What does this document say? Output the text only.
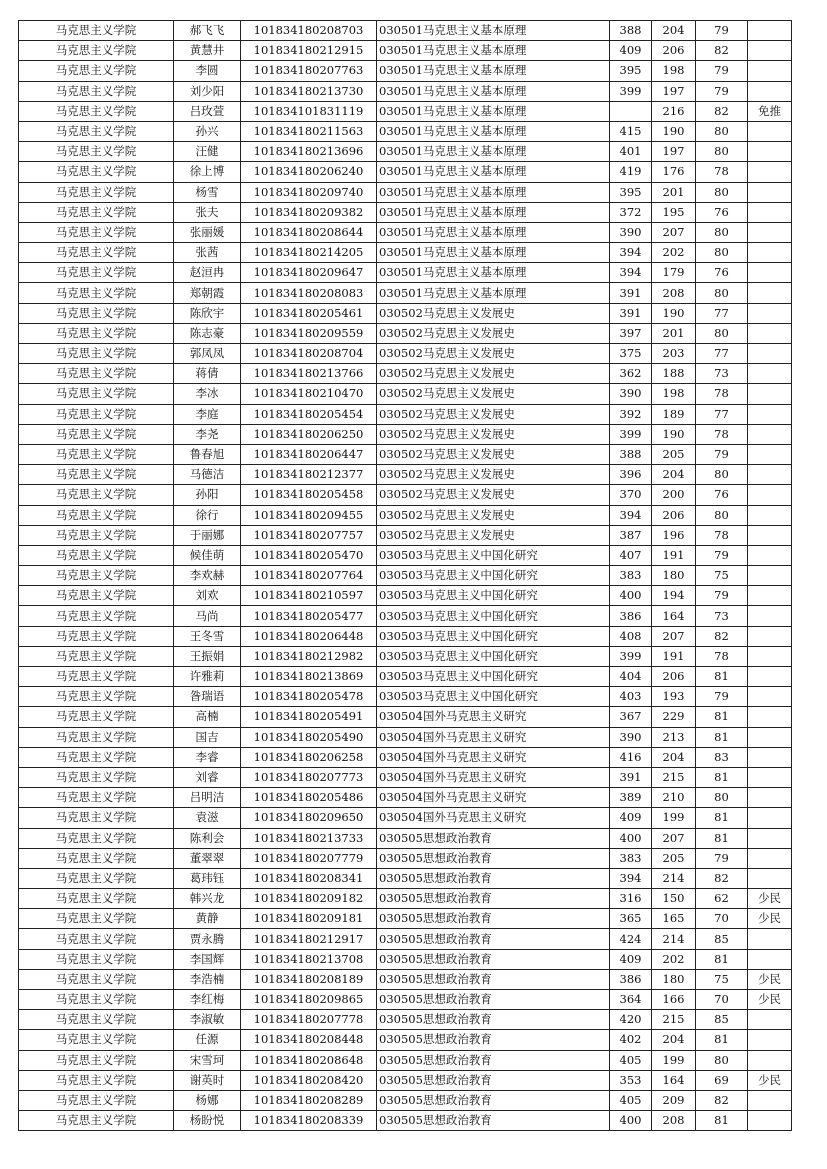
马克思主义学院	郝飞飞	101834180208703	030501马克思主义基本原理	388	204	79	
马克思主义学院	黄慧井	101834180212915	030501马克思主义基本原理	409	206	82	
马克思主义学院	李圆	101834180207763	030501马克思主义基本原理	395	198	79	
马克思主义学院	刘少阳	101834180213730	030501马克思主义基本原理	399	197	79	
马克思主义学院	吕玫萱	101834101831119	030501马克思主义基本原理		216	82	免推
马克思主义学院	孙兴	101834180211563	030501马克思主义基本原理	415	190	80	
马克思主义学院	汪健	101834180213696	030501马克思主义基本原理	401	197	80	
马克思主义学院	徐上博	101834180206240	030501马克思主义基本原理	419	176	78	
马克思主义学院	杨雪	101834180209740	030501马克思主义基本原理	395	201	80	
马克思主义学院	张夫	101834180209382	030501马克思主义基本原理	372	195	76	
马克思主义学院	张丽媛	101834180208644	030501马克思主义基本原理	390	207	80	
马克思主义学院	张茜	101834180214205	030501马克思主义基本原理	394	202	80	
马克思主义学院	赵洹冉	101834180209647	030501马克思主义基本原理	394	179	76	
马克思主义学院	郑朝霞	101834180208083	030501马克思主义基本原理	391	208	80	
马克思主义学院	陈欣宇	101834180205461	030502马克思主义发展史	391	190	77	
马克思主义学院	陈志豪	101834180209559	030502马克思主义发展史	397	201	80	
马克思主义学院	郭凤凤	101834180208704	030502马克思主义发展史	375	203	77	
马克思主义学院	蒋倩	101834180213766	030502马克思主义发展史	362	188	73	
马克思主义学院	李冰	101834180210470	030502马克思主义发展史	390	198	78	
马克思主义学院	李庭	101834180205454	030502马克思主义发展史	392	189	77	
马克思主义学院	李尧	101834180206250	030502马克思主义发展史	399	190	78	
马克思主义学院	鲁春旭	101834180206447	030502马克思主义发展史	388	205	79	
马克思主义学院	马德洁	101834180212377	030502马克思主义发展史	396	204	80	
马克思主义学院	孙阳	101834180205458	030502马克思主义发展史	370	200	76	
马克思主义学院	徐行	101834180209455	030502马克思主义发展史	394	206	80	
马克思主义学院	于丽娜	101834180207757	030502马克思主义发展史	387	196	78	
马克思主义学院	候佳萌	101834180205470	030503马克思主义中国化研究	407	191	79	
马克思主义学院	李欢赫	101834180207764	030503马克思主义中国化研究	383	180	75	
马克思主义学院	刘欢	101834180210597	030503马克思主义中国化研究	400	194	79	
马克思主义学院	马尚	101834180205477	030503马克思主义中国化研究	386	164	73	
马克思主义学院	王冬雪	101834180206448	030503马克思主义中国化研究	408	207	82	
马克思主义学院	王振娟	101834180212982	030503马克思主义中国化研究	399	191	78	
马克思主义学院	许雅莉	101834180213869	030503马克思主义中国化研究	404	206	81	
马克思主义学院	昝瑞语	101834180205478	030503马克思主义中国化研究	403	193	79	
马克思主义学院	高楠	101834180205491	030504国外马克思主义研究	367	229	81	
马克思主义学院	国吉	101834180205490	030504国外马克思主义研究	390	213	81	
马克思主义学院	李睿	101834180206258	030504国外马克思主义研究	416	204	83	
马克思主义学院	刘睿	101834180207773	030504国外马克思主义研究	391	215	81	
马克思主义学院	吕明洁	101834180205486	030504国外马克思主义研究	389	210	80	
马克思主义学院	袁滋	101834180209650	030504国外马克思主义研究	409	199	81	
马克思主义学院	陈利会	101834180213733	030505思想政治教育	400	207	81	
马克思主义学院	董翠翠	101834180207779	030505思想政治教育	383	205	79	
马克思主义学院	葛玮钰	101834180208341	030505思想政治教育	394	214	82	
马克思主义学院	韩兴龙	101834180209182	030505思想政治教育	316	150	62	少民
马克思主义学院	黄静	101834180209181	030505思想政治教育	365	165	70	少民
马克思主义学院	贾永腾	101834180212917	030505思想政治教育	424	214	85	
马克思主义学院	李国辉	101834180213708	030505思想政治教育	409	202	81	
马克思主义学院	李浩楠	101834180208189	030505思想政治教育	386	180	75	少民
马克思主义学院	李红梅	101834180209865	030505思想政治教育	364	166	70	少民
马克思主义学院	李淑敏	101834180207778	030505思想政治教育	420	215	85	
马克思主义学院	任源	101834180208448	030505思想政治教育	402	204	81	
马克思主义学院	宋雪珂	101834180208648	030505思想政治教育	405	199	80	
马克思主义学院	谢英时	101834180208420	030505思想政治教育	353	164	69	少民
马克思主义学院	杨娜	101834180208289	030505思想政治教育	405	209	82	
马克思主义学院	杨盼悦	101834180208339	030505思想政治教育	400	208	81	
